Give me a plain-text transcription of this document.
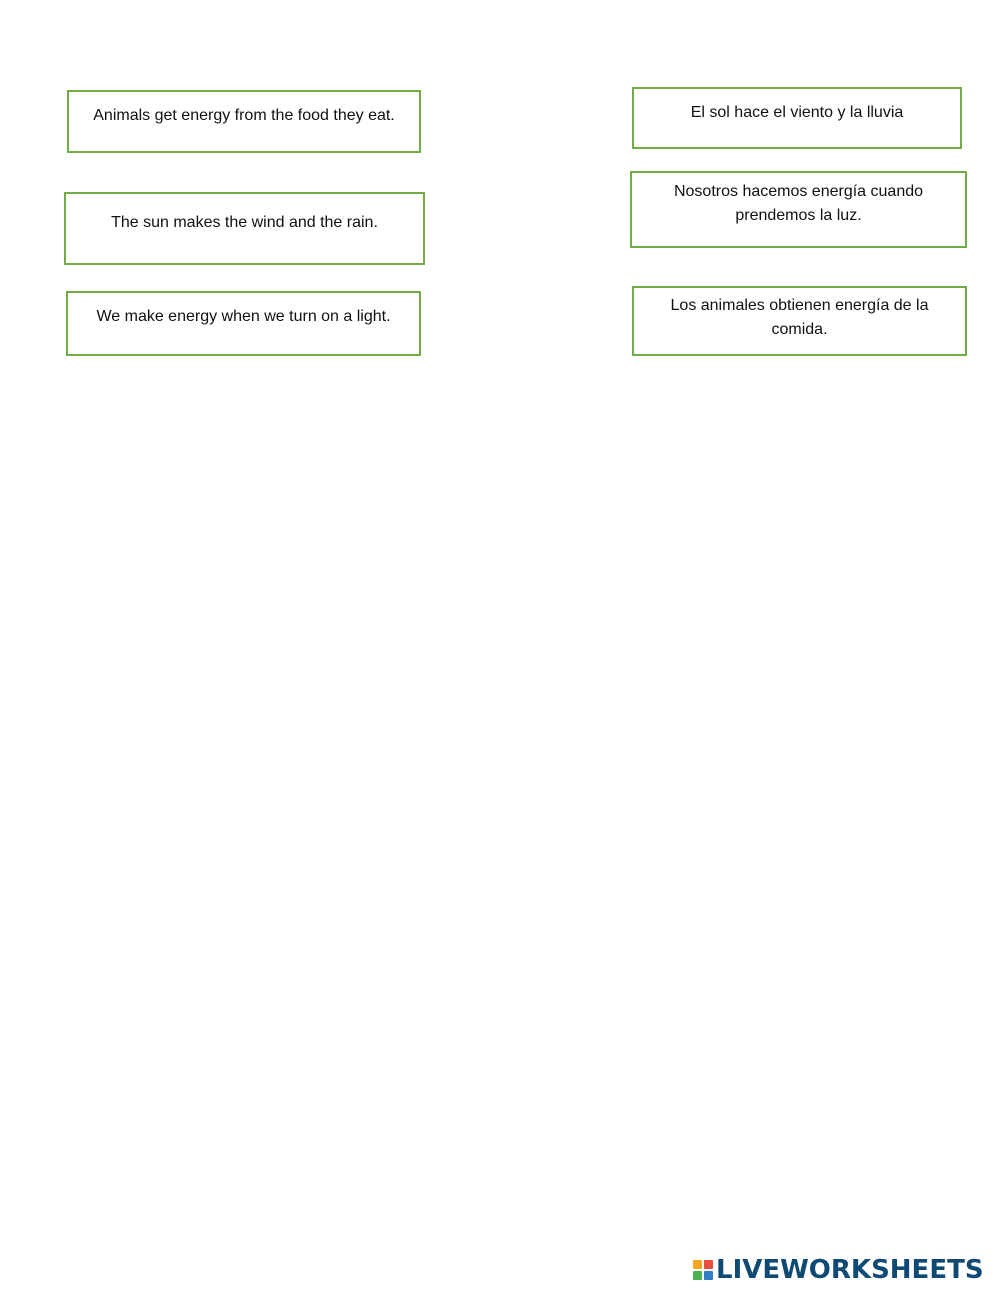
Animals get energy from the food they eat.
The sun makes the wind and the rain.
We make energy when we turn on a light.
El sol hace el viento y la lluvia
Nosotros hacemos energía cuando prendemos la luz.
Los animales obtienen energía de la comida.
LIVEWORKSHEETS
